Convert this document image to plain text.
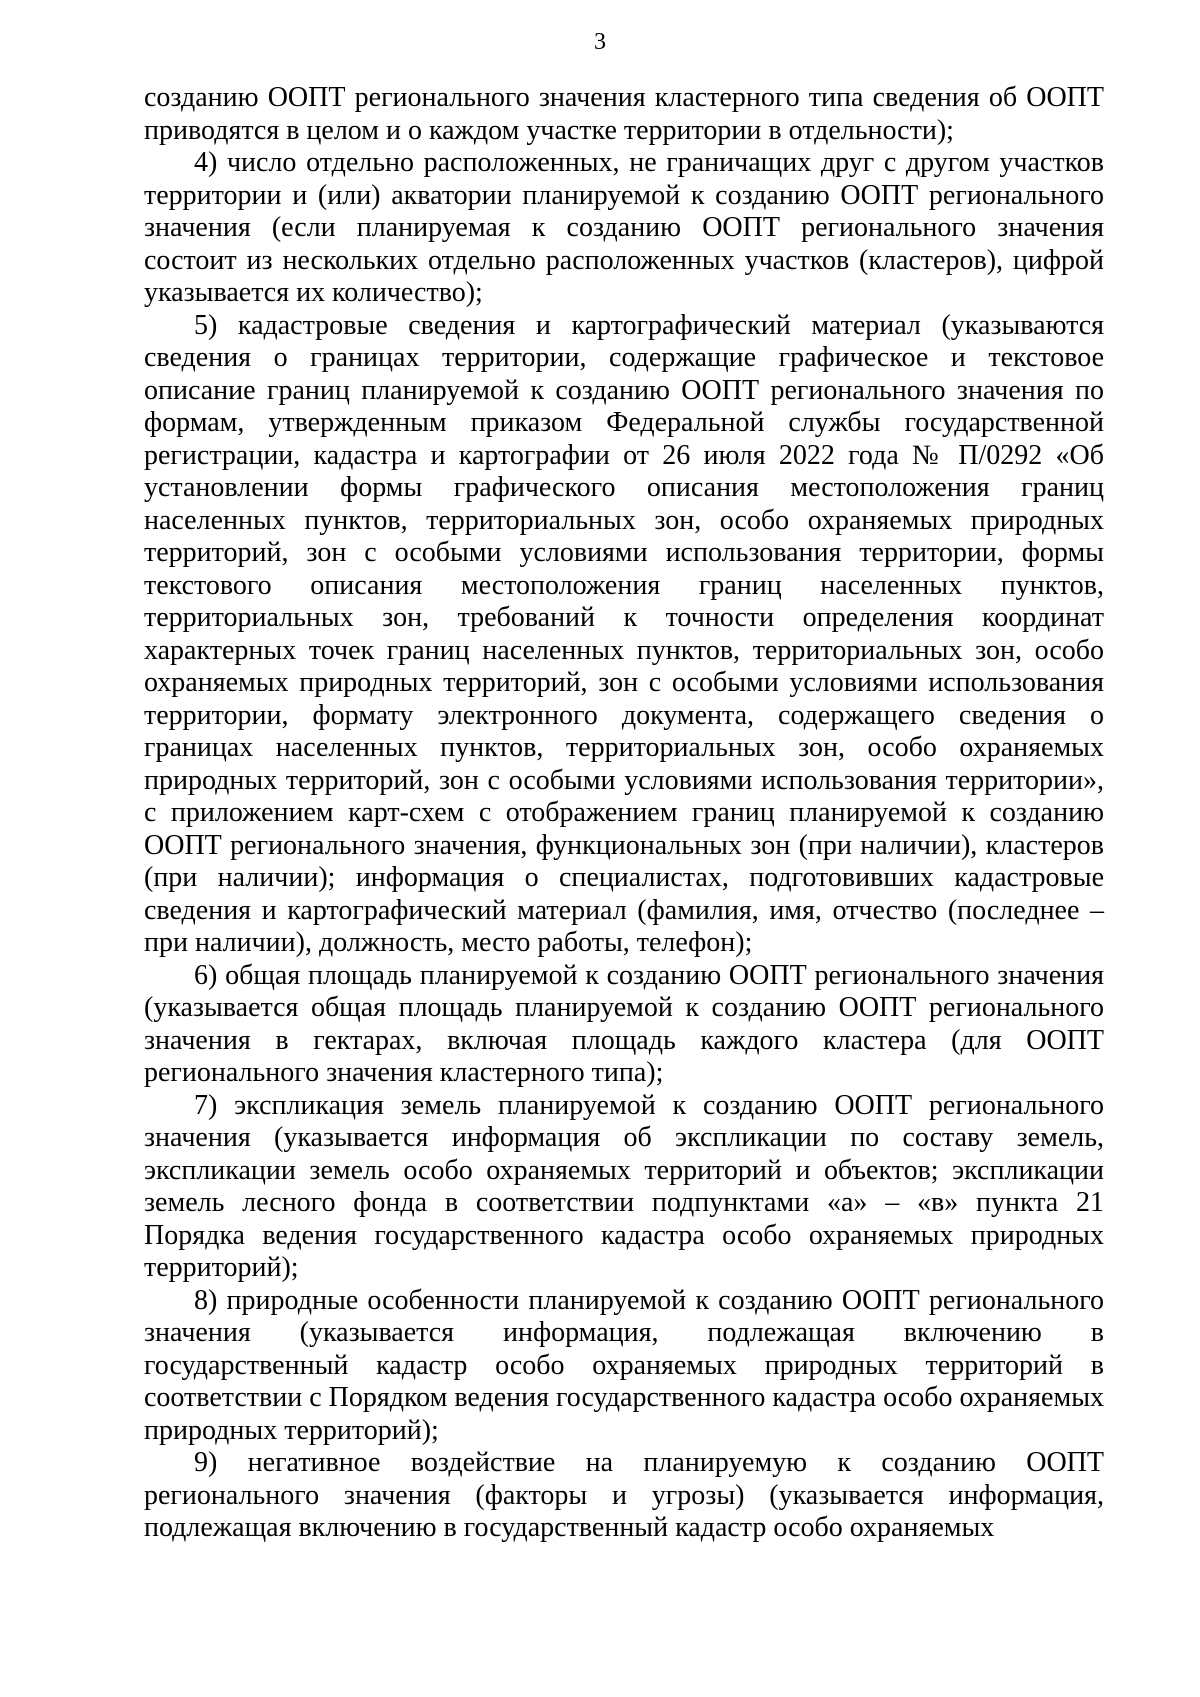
3

созданию ООПТ регионального значения кластерного типа сведения об ООПТ приводятся в целом и о каждом участке территории в отдельности);

4) число отдельно расположенных, не граничащих друг с другом участков территории и (или) акватории планируемой к созданию ООПТ регионального значения (если планируемая к созданию ООПТ регионального значения состоит из нескольких отдельно расположенных участков (кластеров), цифрой указывается их количество);

5) кадастровые сведения и картографический материал (указываются сведения о границах территории, содержащие графическое и текстовое описание границ планируемой к созданию ООПТ регионального значения по формам, утвержденным приказом Федеральной службы государственной регистрации, кадастра и картографии от 26 июля 2022 года № П/0292 «Об установлении формы графического описания местоположения границ населенных пунктов, территориальных зон, особо охраняемых природных территорий, зон с особыми условиями использования территории, формы текстового описания местоположения границ населенных пунктов, территориальных зон, требований к точности определения координат характерных точек границ населенных пунктов, территориальных зон, особо охраняемых природных территорий, зон с особыми условиями использования территории, формату электронного документа, содержащего сведения о границах населенных пунктов, территориальных зон, особо охраняемых природных территорий, зон с особыми условиями использования территории», с приложением карт-схем с отображением границ планируемой к созданию ООПТ регионального значения, функциональных зон (при наличии), кластеров (при наличии); информация о специалистах, подготовивших кадастровые сведения и картографический материал (фамилия, имя, отчество (последнее – при наличии), должность, место работы, телефон);

6) общая площадь планируемой к созданию ООПТ регионального значения (указывается общая площадь планируемой к созданию ООПТ регионального значения в гектарах, включая площадь каждого кластера (для ООПТ регионального значения кластерного типа);

7) экспликация земель планируемой к созданию ООПТ регионального значения (указывается информация об экспликации по составу земель, экспликации земель особо охраняемых территорий и объектов; экспликации земель лесного фонда в соответствии подпунктами «а» – «в» пункта 21 Порядка ведения государственного кадастра особо охраняемых природных территорий);

8) природные особенности планируемой к созданию ООПТ регионального значения (указывается информация, подлежащая включению в государственный кадастр особо охраняемых природных территорий в соответствии с Порядком ведения государственного кадастра особо охраняемых природных территорий);

9) негативное воздействие на планируемую к созданию ООПТ регионального значения (факторы и угрозы) (указывается информация, подлежащая включению в государственный кадастр особо охраняемых
